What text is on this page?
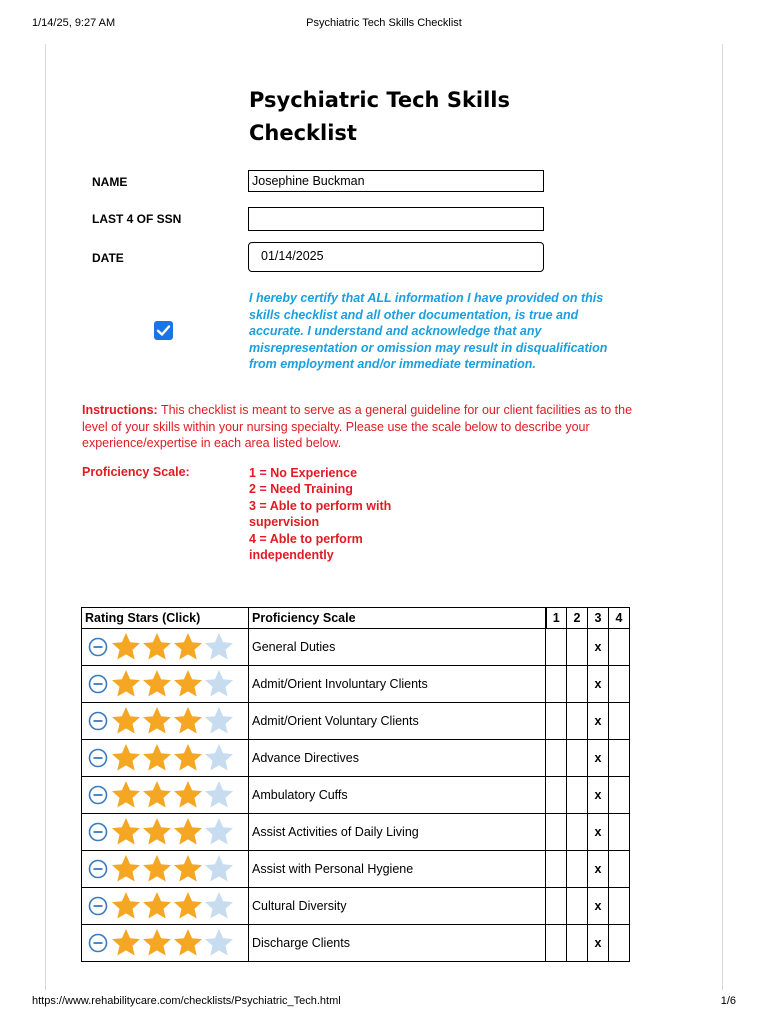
1/14/25, 9:27 AM	Psychiatric Tech Skills Checklist
Psychiatric Tech Skills Checklist
NAME	Josephine Buckman
LAST 4 OF SSN
DATE	01/14/2025
I hereby certify that ALL information I have provided on this skills checklist and all other documentation, is true and accurate. I understand and acknowledge that any misrepresentation or omission may result in disqualification from employment and/or immediate termination.
Instructions: This checklist is meant to serve as a general guideline for our client facilities as to the level of your skills within your nursing specialty. Please use the scale below to describe your experience/expertise in each area listed below.
Proficiency Scale:	1 = No Experience
2 = Need Training
3 = Able to perform with supervision
4 = Able to perform independently
Rating Stars (Click)	Proficiency Scale	1	2	3	4

	General Duties			x	

	Admit/Orient Involuntary Clients			x	

	Admit/Orient Voluntary Clients			x	

	Advance Directives			x	

	Ambulatory Cuffs			x	

	Assist Activities of Daily Living			x	

	Assist with Personal Hygiene			x	

	Cultural Diversity			x	

	Discharge Clients			x	
https://www.rehabilitycare.com/checklists/Psychiatric_Tech.html	1/6
